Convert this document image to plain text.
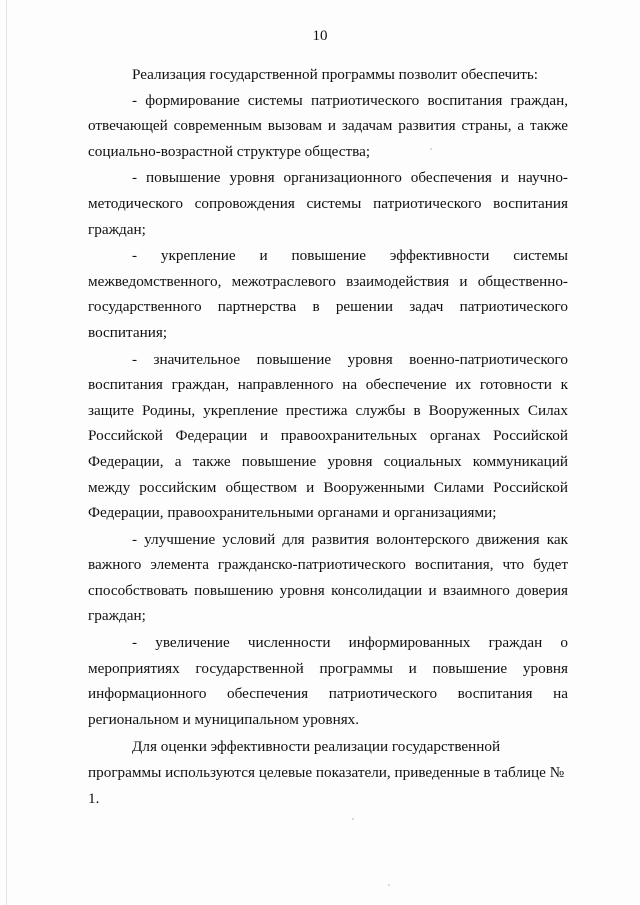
10

Реализация государственной программы позволит обеспечить:

- формирование системы патриотического воспитания граждан, отвечающей современным вызовам и задачам развития страны, а также социально-возрастной структуре общества;

- повышение уровня организационного обеспечения и научно-методического сопровождения системы патриотического воспитания граждан;

- укрепление и повышение эффективности системы межведомственного, межотраслевого взаимодействия и общественно-государственного партнерства в решении задач патриотического воспитания;

- значительное повышение уровня военно-патриотического воспитания граждан, направленного на обеспечение их готовности к защите Родины, укрепление престижа службы в Вооруженных Силах Российской Федерации и правоохранительных органах Российской Федерации, а также повышение уровня социальных коммуникаций между российским обществом и Вооруженными Силами Российской Федерации, правоохранительными органами и организациями;

- улучшение условий для развития волонтерского движения как важного элемента гражданско-патриотического воспитания, что будет способствовать повышению уровня консолидации и взаимного доверия граждан;

- увеличение численности информированных граждан о мероприятиях государственной программы и повышение уровня информационного обеспечения патриотического воспитания на региональном и муниципальном уровнях.

Для оценки эффективности реализации государственной программы используются целевые показатели, приведенные в таблице № 1.
